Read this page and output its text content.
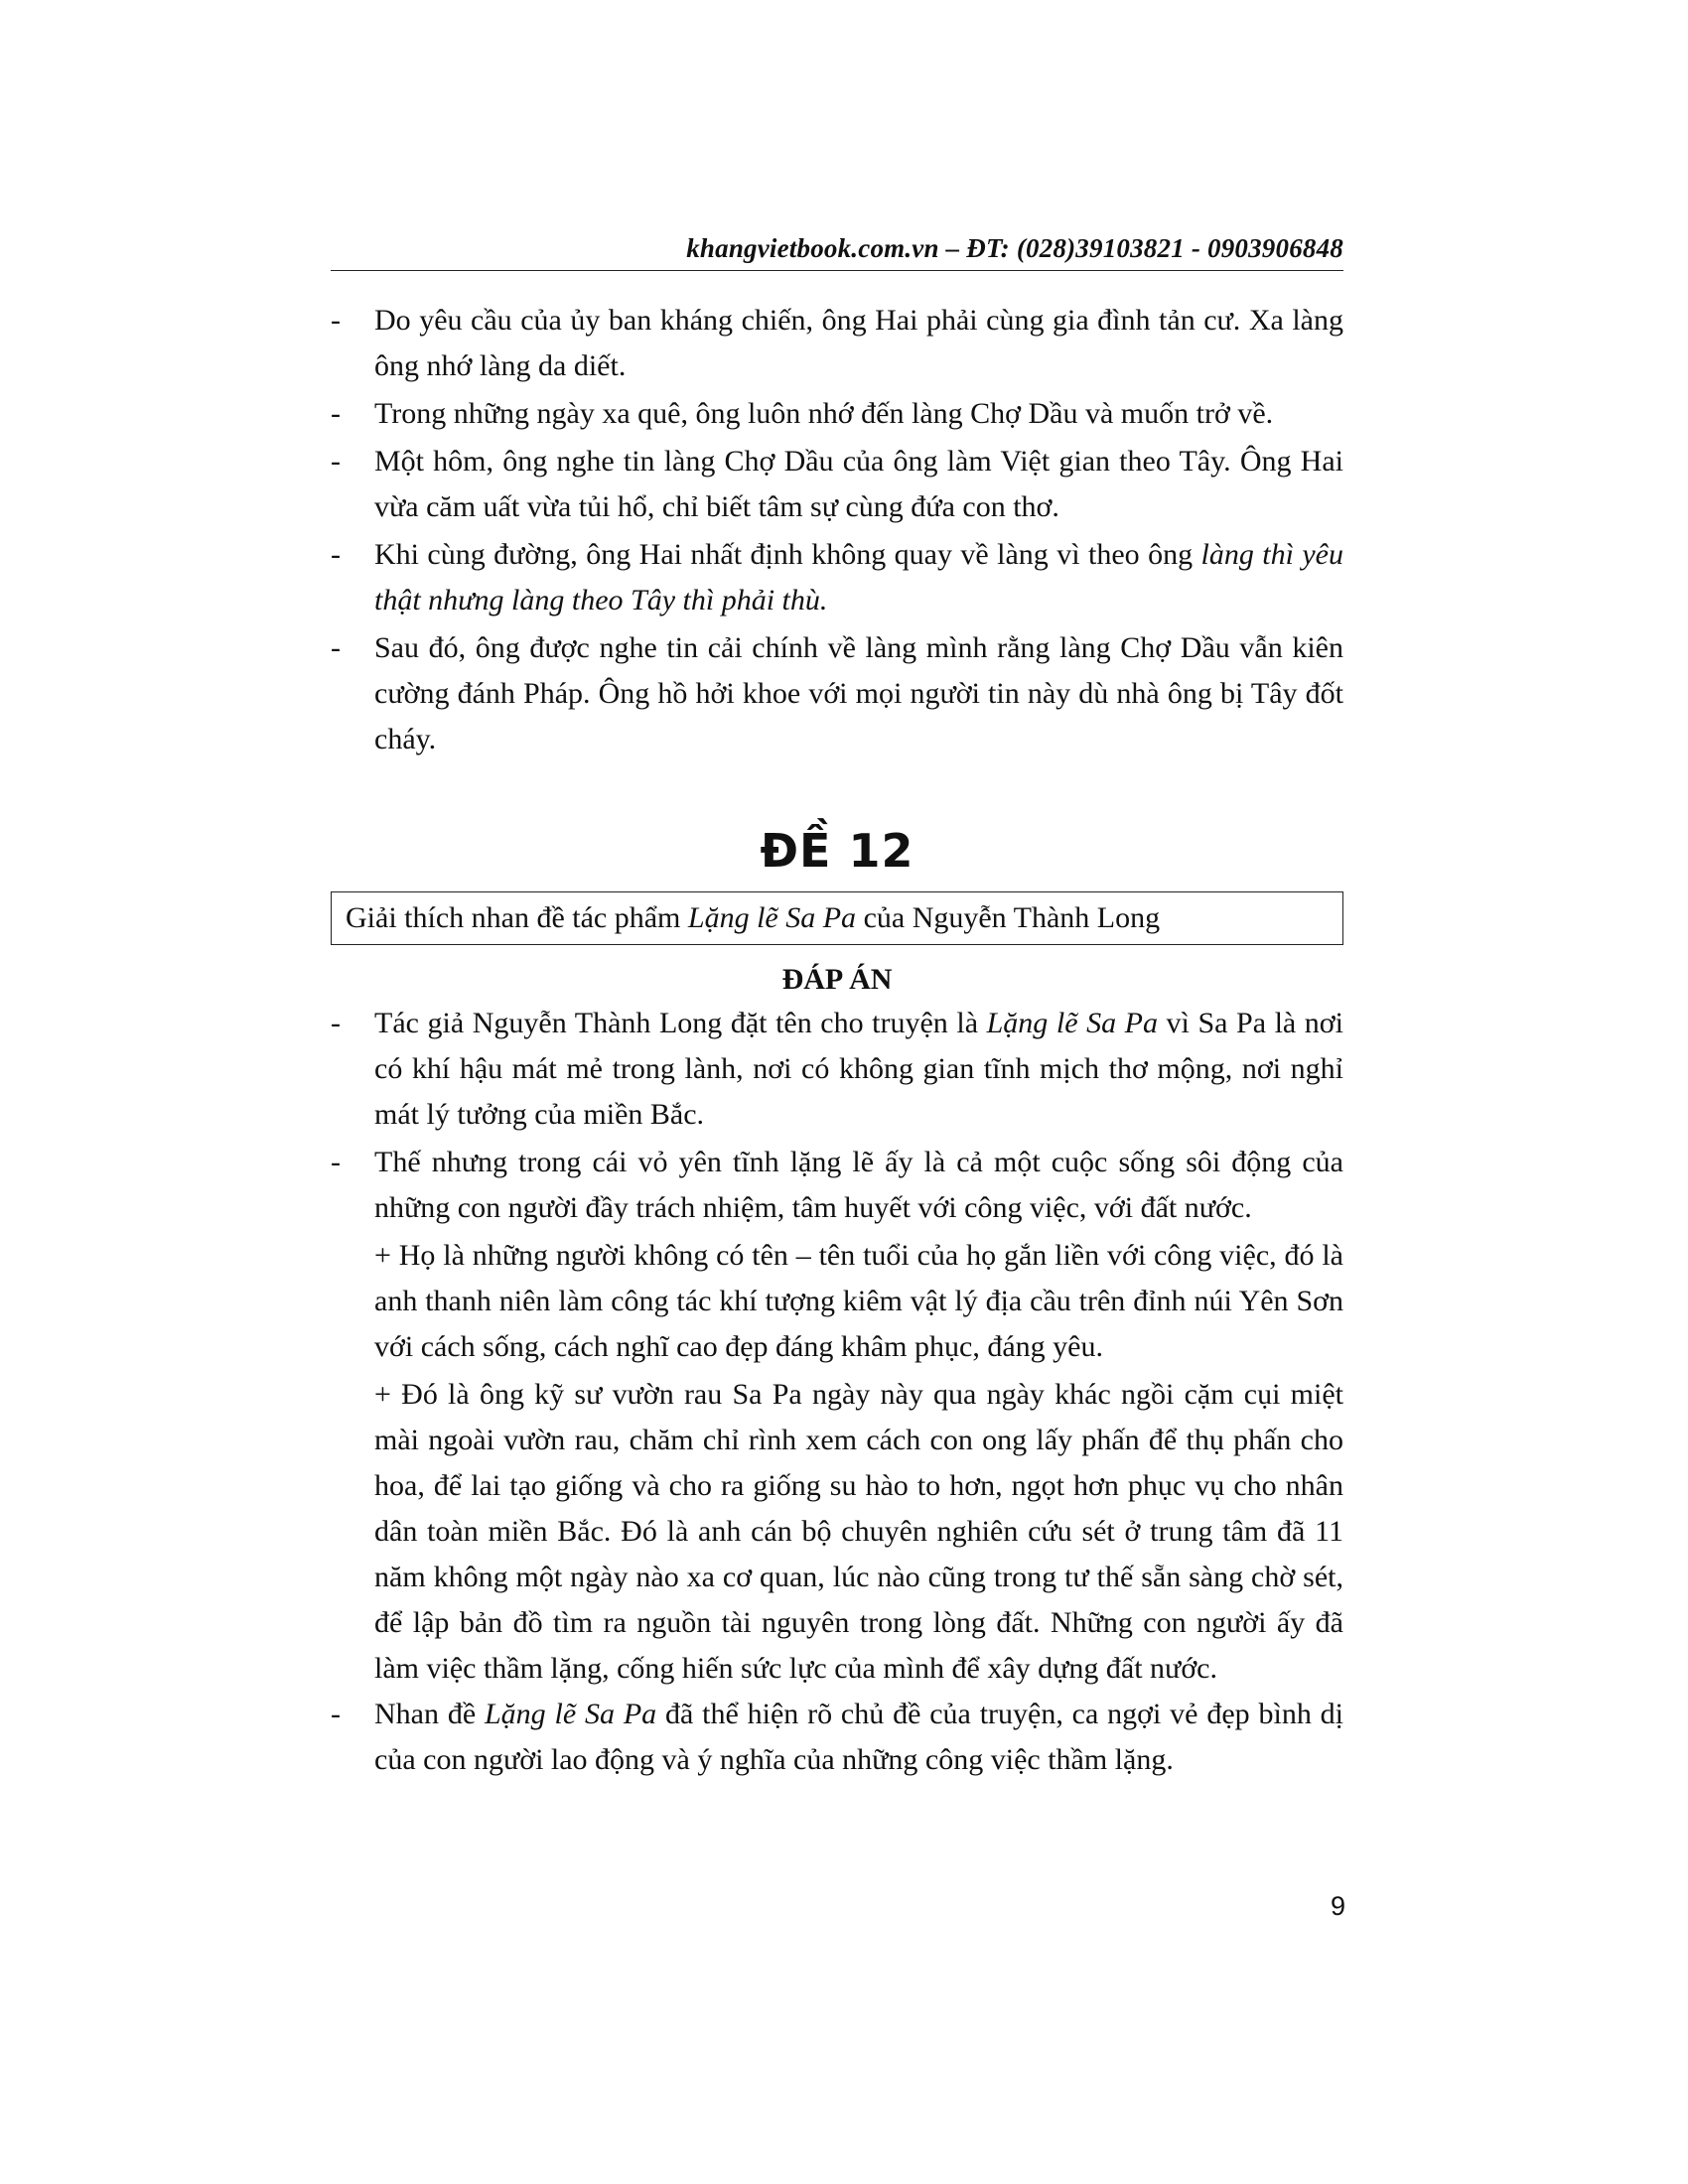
khangvietbook.com.vn – ĐT: (028)39103821 - 0903906848
- Do yêu cầu của ủy ban kháng chiến, ông Hai phải cùng gia đình tản cư. Xa làng ông nhớ làng da diết.
- Trong những ngày xa quê, ông luôn nhớ đến làng Chợ Dầu và muốn trở về.
- Một hôm, ông nghe tin làng Chợ Dầu của ông làm Việt gian theo Tây. Ông Hai vừa căm uất vừa tủi hổ, chỉ biết tâm sự cùng đứa con thơ.
- Khi cùng đường, ông Hai nhất định không quay về làng vì theo ông làng thì yêu thật nhưng làng theo Tây thì phải thù.
- Sau đó, ông được nghe tin cải chính về làng mình rằng làng Chợ Dầu vẫn kiên cường đánh Pháp. Ông hồ hởi khoe với mọi người tin này dù nhà ông bị Tây đốt cháy.
ĐỀ 12
Giải thích nhan đề tác phẩm Lặng lẽ Sa Pa của Nguyễn Thành Long
ĐÁP ÁN
- Tác giả Nguyễn Thành Long đặt tên cho truyện là Lặng lẽ Sa Pa vì Sa Pa là nơi có khí hậu mát mẻ trong lành, nơi có không gian tĩnh mịch thơ mộng, nơi nghỉ mát lý tưởng của miền Bắc.
- Thế nhưng trong cái vỏ yên tĩnh lặng lẽ ấy là cả một cuộc sống sôi động của những con người đầy trách nhiệm, tâm huyết với công việc, với đất nước.
+ Họ là những người không có tên – tên tuổi của họ gắn liền với công việc, đó là anh thanh niên làm công tác khí tượng kiêm vật lý địa cầu trên đỉnh núi Yên Sơn với cách sống, cách nghĩ cao đẹp đáng khâm phục, đáng yêu.
+ Đó là ông kỹ sư vườn rau Sa Pa ngày này qua ngày khác ngồi cặm cụi miệt mài ngoài vườn rau, chăm chỉ rình xem cách con ong lấy phấn để thụ phấn cho hoa, để lai tạo giống và cho ra giống su hào to hơn, ngọt hơn phục vụ cho nhân dân toàn miền Bắc. Đó là anh cán bộ chuyên nghiên cứu sét ở trung tâm đã 11 năm không một ngày nào xa cơ quan, lúc nào cũng trong tư thế sẵn sàng chờ sét, để lập bản đồ tìm ra nguồn tài nguyên trong lòng đất. Những con người ấy đã làm việc thầm lặng, cống hiến sức lực của mình để xây dựng đất nước.
- Nhan đề Lặng lẽ Sa Pa đã thể hiện rõ chủ đề của truyện, ca ngợi vẻ đẹp bình dị của con người lao động và ý nghĩa của những công việc thầm lặng.
9
